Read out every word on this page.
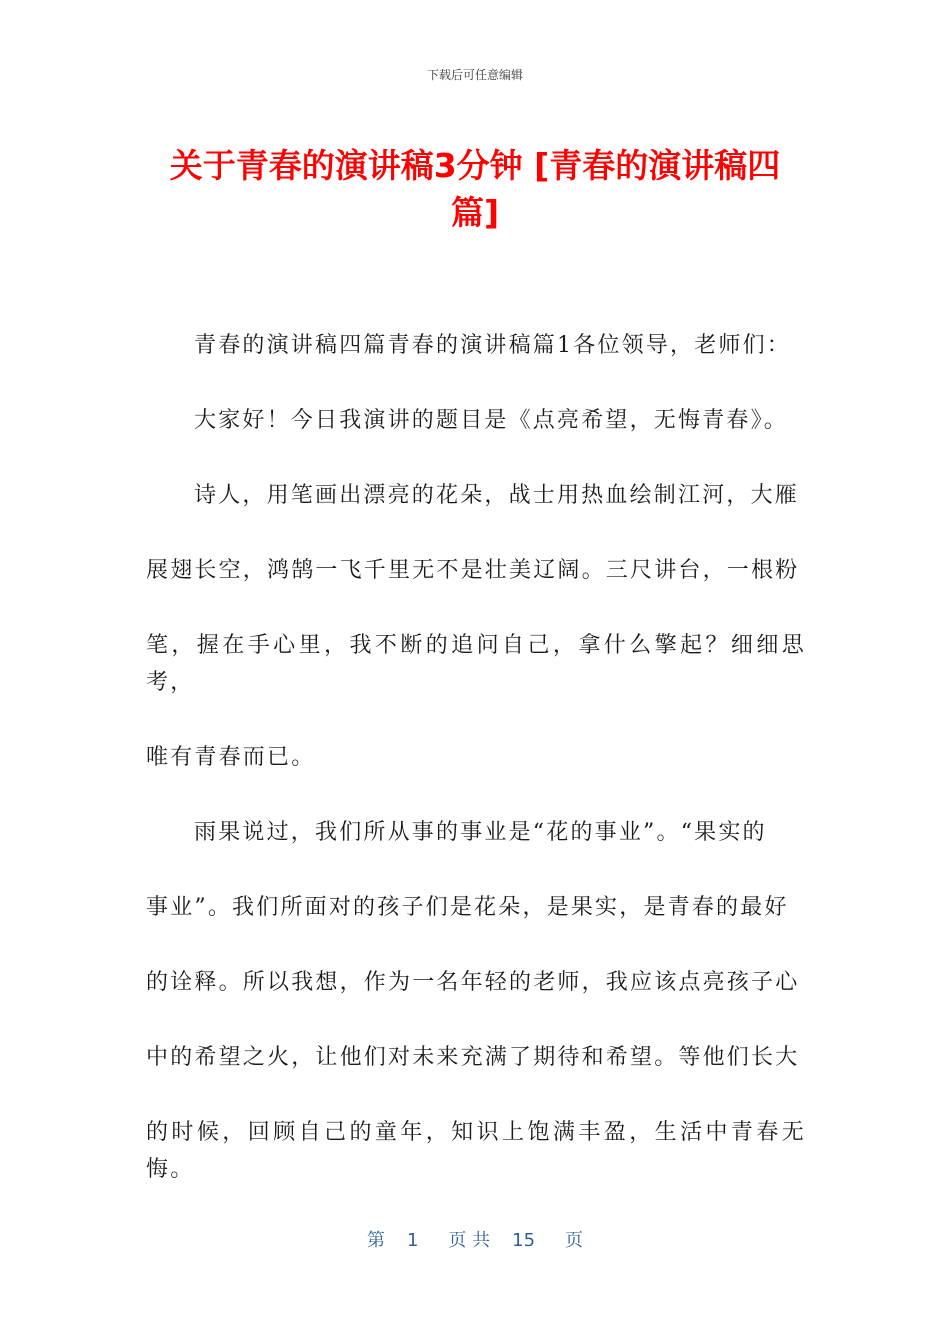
下载后可任意编辑
关于青春的演讲稿3分钟 [青春的演讲稿四篇]

青春的演讲稿四篇青春的演讲稿篇1各位领导，老师们：

大家好！今日我演讲的题目是《点亮希望，无悔青春》。

诗人，用笔画出漂亮的花朵，战士用热血绘制江河，大雁
展翅长空，鸿鹄一飞千里无不是壮美辽阔。三尺讲台，一根粉
笔，握在手心里，我不断的追问自己，拿什么擎起？细细思考，
唯有青春而已。

雨果说过，我们所从事的事业是“花的事业”。“果实的
事业”。我们所面对的孩子们是花朵，是果实，是青春的最好
的诠释。所以我想，作为一名年轻的老师，我应该点亮孩子心
中的希望之火，让他们对未来充满了期待和希望。等他们长大
的时候，回顾自己的童年，知识上饱满丰盈，生活中青春无悔。

第 1 页 共 15 页
